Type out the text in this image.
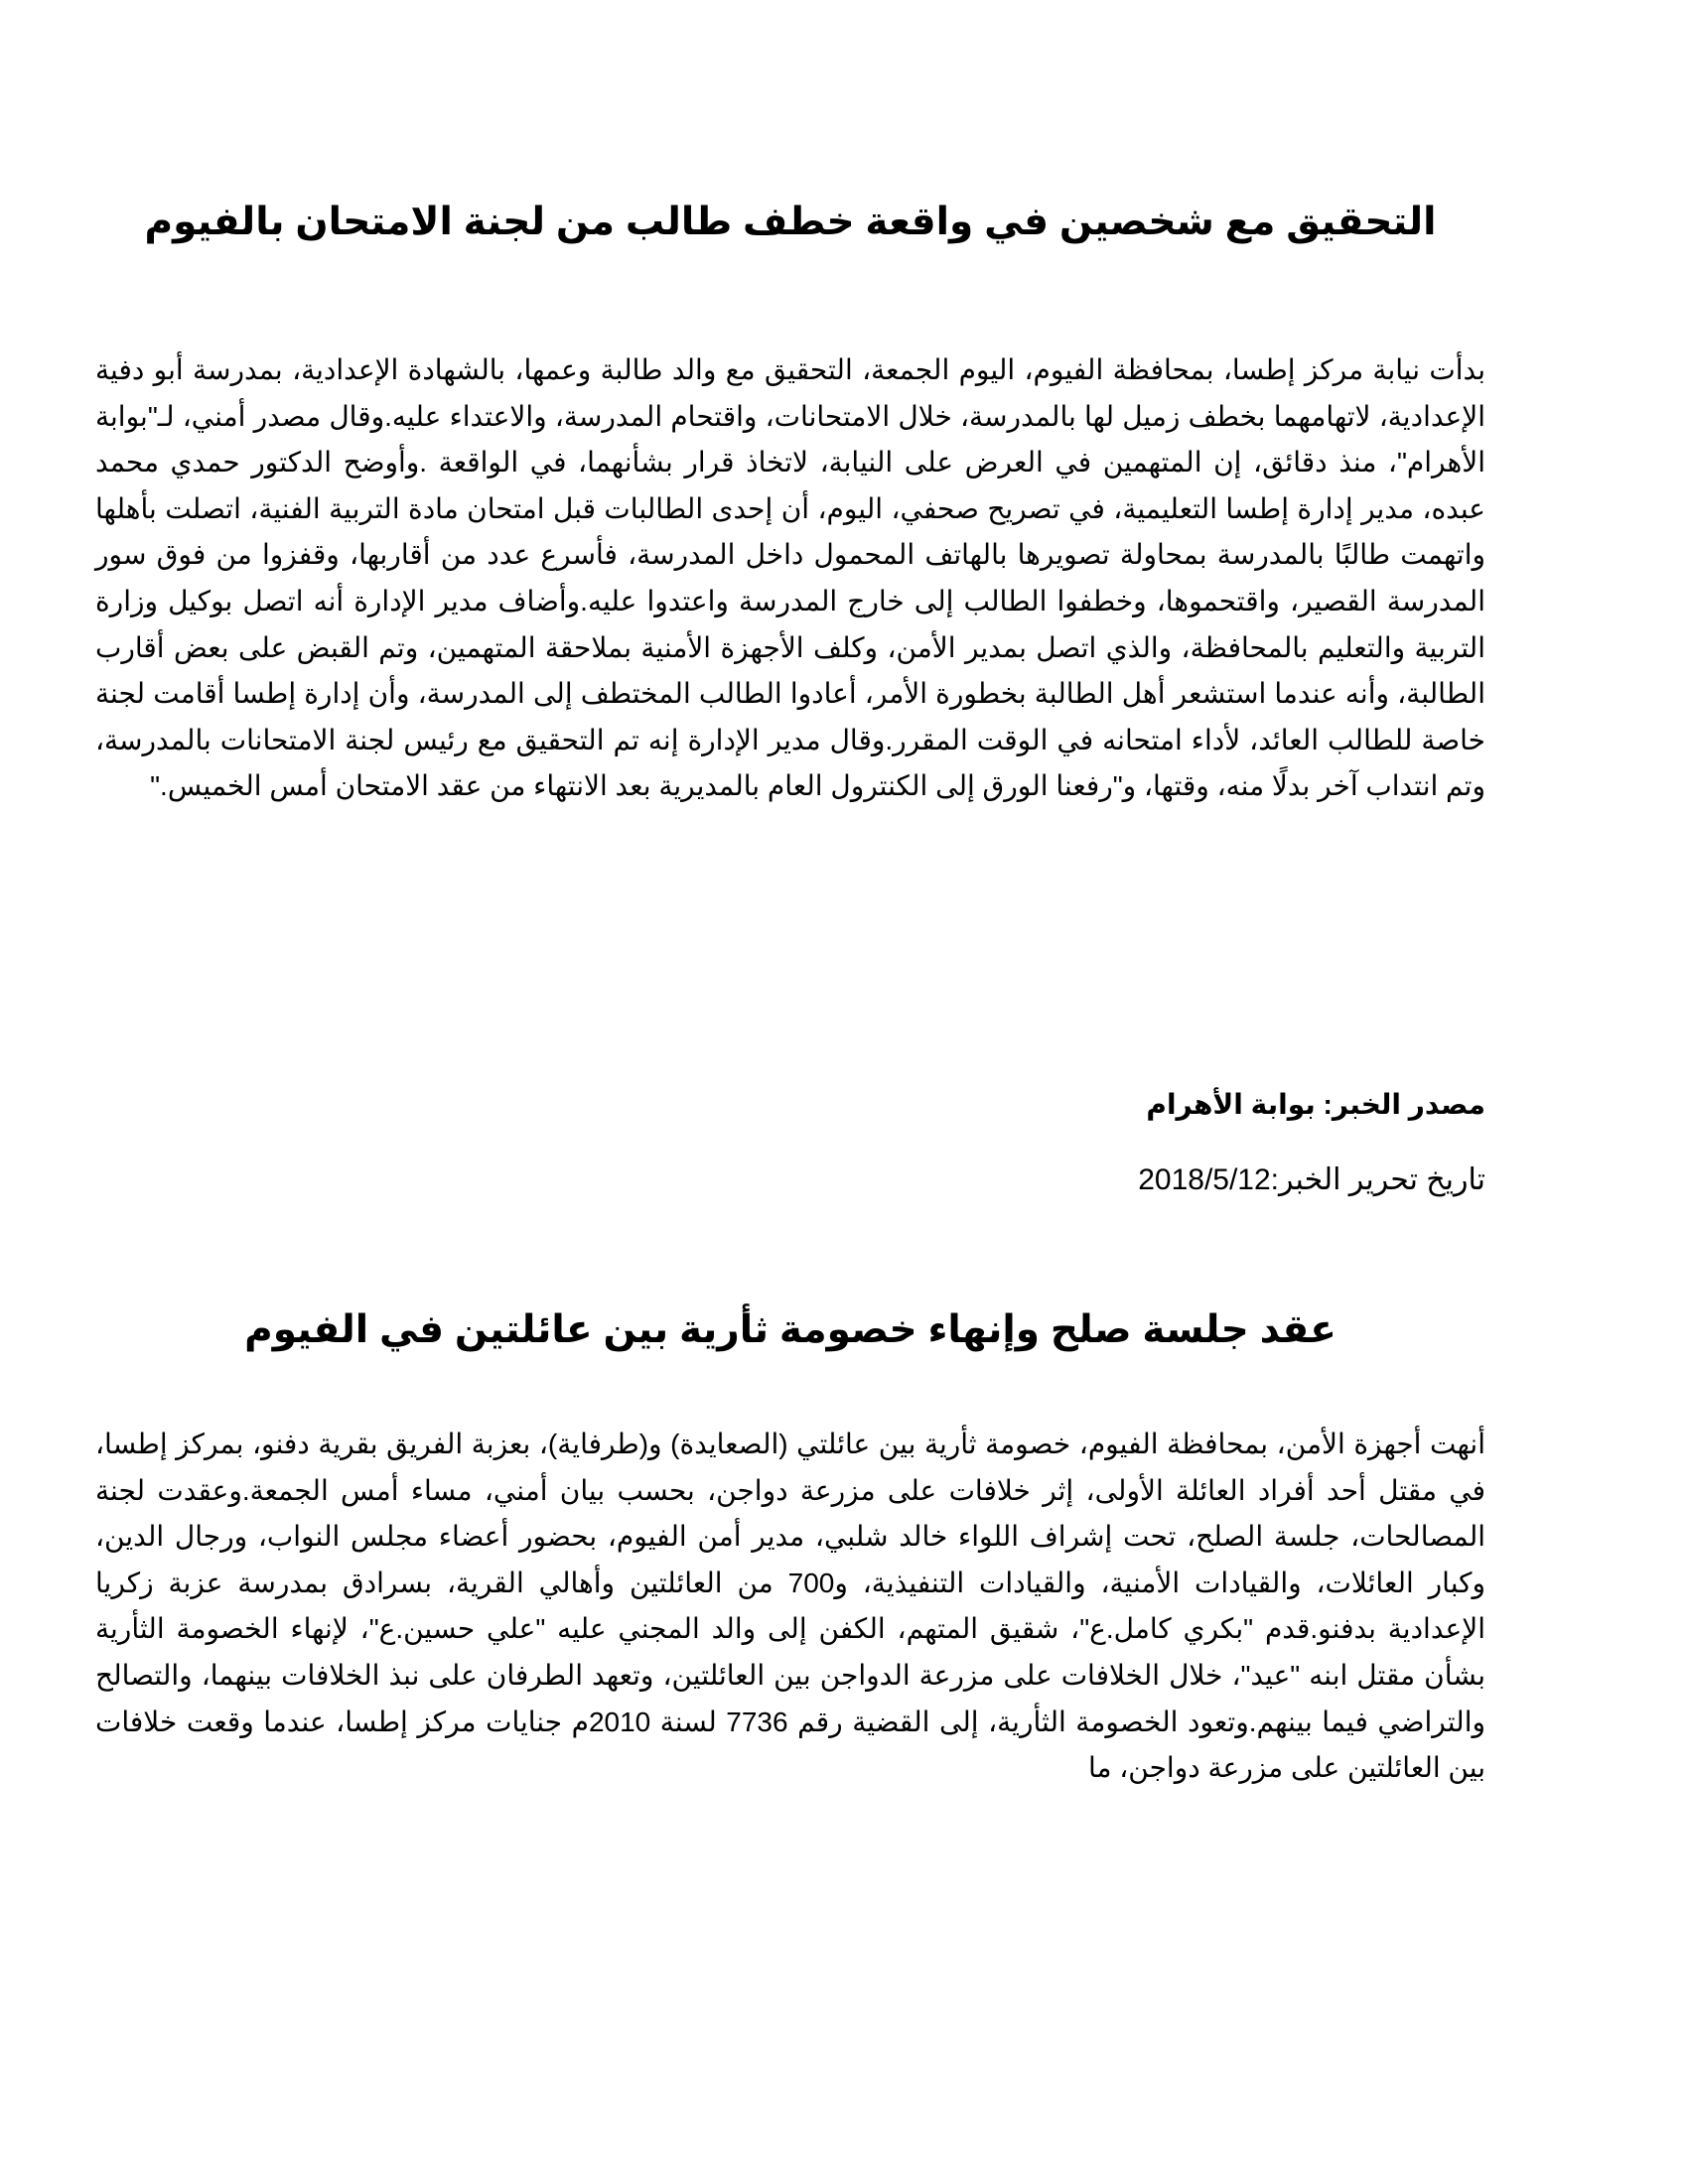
التحقيق مع شخصين في واقعة خطف طالب من لجنة الامتحان بالفيوم

بدأت نيابة مركز إطسا، بمحافظة الفيوم، اليوم الجمعة، التحقيق مع والد طالبة وعمها، بالشهادة الإعدادية، بمدرسة أبو دفية الإعدادية، لاتهامهما بخطف زميل لها بالمدرسة، خلال الامتحانات، واقتحام المدرسة، والاعتداء عليه.وقال مصدر أمني، لـ"بوابة الأهرام"، منذ دقائق، إن المتهمين في العرض على النيابة، لاتخاذ قرار بشأنهما، في الواقعة .وأوضح الدكتور حمدي محمد عبده، مدير إدارة إطسا التعليمية، في تصريح صحفي، اليوم، أن إحدى الطالبات قبل امتحان مادة التربية الفنية، اتصلت بأهلها واتهمت طالبًا بالمدرسة بمحاولة تصويرها بالهاتف المحمول داخل المدرسة، فأسرع عدد من أقاربها، وقفزوا من فوق سور المدرسة القصير، واقتحموها، وخطفوا الطالب إلى خارج المدرسة واعتدوا عليه.وأضاف مدير الإدارة أنه اتصل بوكيل وزارة التربية والتعليم بالمحافظة، والذي اتصل بمدير الأمن، وكلف الأجهزة الأمنية بملاحقة المتهمين، وتم القبض على بعض أقارب الطالبة، وأنه عندما استشعر أهل الطالبة بخطورة الأمر، أعادوا الطالب المختطف إلى المدرسة، وأن إدارة إطسا أقامت لجنة خاصة للطالب العائد، لأداء امتحانه في الوقت المقرر.وقال مدير الإدارة إنه تم التحقيق مع رئيس لجنة الامتحانات بالمدرسة، وتم انتداب آخر بدلًا منه، وقتها، و"رفعنا الورق إلى الكنترول العام بالمديرية بعد الانتهاء من عقد الامتحان أمس الخميس."

مصدر الخبر: بوابة الأهرام

تاريخ تحرير الخبر:2018/5/12

عقد جلسة صلح وإنهاء خصومة ثأرية بين عائلتين في الفيوم

أنهت أجهزة الأمن، بمحافظة الفيوم، خصومة ثأرية بين عائلتي (الصعايدة) و(طرفاية)، بعزبة الفريق بقرية دفنو، بمركز إطسا، في مقتل أحد أفراد العائلة الأولى، إثر خلافات على مزرعة دواجن، بحسب بيان أمني، مساء أمس الجمعة.وعقدت لجنة المصالحات، جلسة الصلح، تحت إشراف اللواء خالد شلبي، مدير أمن الفيوم، بحضور أعضاء مجلس النواب، ورجال الدين، وكبار العائلات، والقيادات الأمنية، والقيادات التنفيذية، و700 من العائلتين وأهالي القرية، بسرادق بمدرسة عزبة زكريا الإعدادية بدفنو.قدم "بكري كامل.ع"، شقيق المتهم، الكفن إلى والد المجني عليه "علي حسين.ع"، لإنهاء الخصومة الثأرية بشأن مقتل ابنه "عيد"، خلال الخلافات على مزرعة الدواجن بين العائلتين، وتعهد الطرفان على نبذ الخلافات بينهما، والتصالح والتراضي فيما بينهم.وتعود الخصومة الثأرية، إلى القضية رقم 7736 لسنة 2010م جنايات مركز إطسا، عندما وقعت خلافات بين العائلتين على مزرعة دواجن، ما
